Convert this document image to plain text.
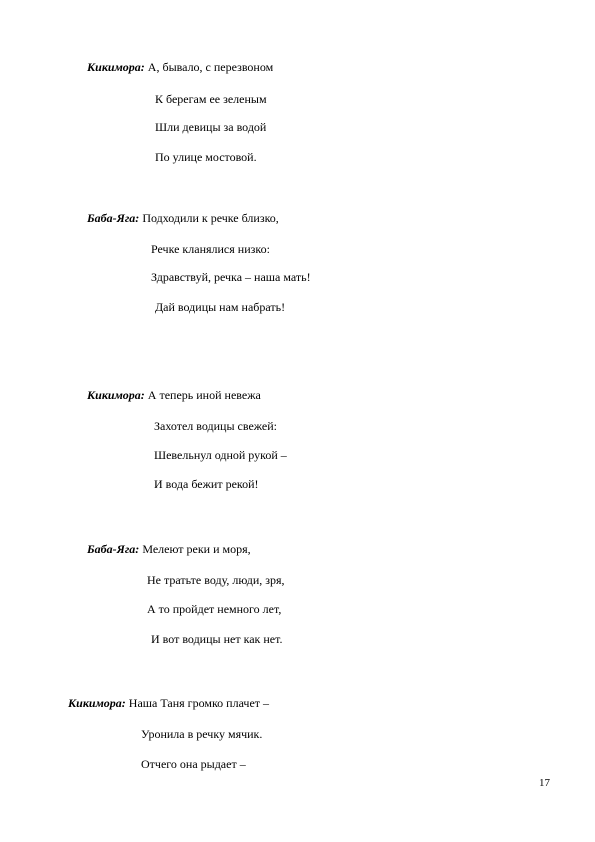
Кикимора: А, бывало, с перезвоном
К берегам ее зеленым
Шли девицы за водой
По улице мостовой.
Баба-Яга: Подходили к речке близко,
Речке кланялися низко:
Здравствуй, речка – наша мать!
Дай водицы нам набрать!
Кикимора: А теперь иной невежа
Захотел водицы свежей:
Шевельнул одной рукой –
И вода бежит рекой!
Баба-Яга: Мелеют реки и моря,
Не тратьте воду, люди, зря,
А то пройдет немного лет,
И вот водицы нет как нет.
Кикимора: Наша Таня громко плачет –
Уронила в речку мячик.
Отчего она рыдает –
17
